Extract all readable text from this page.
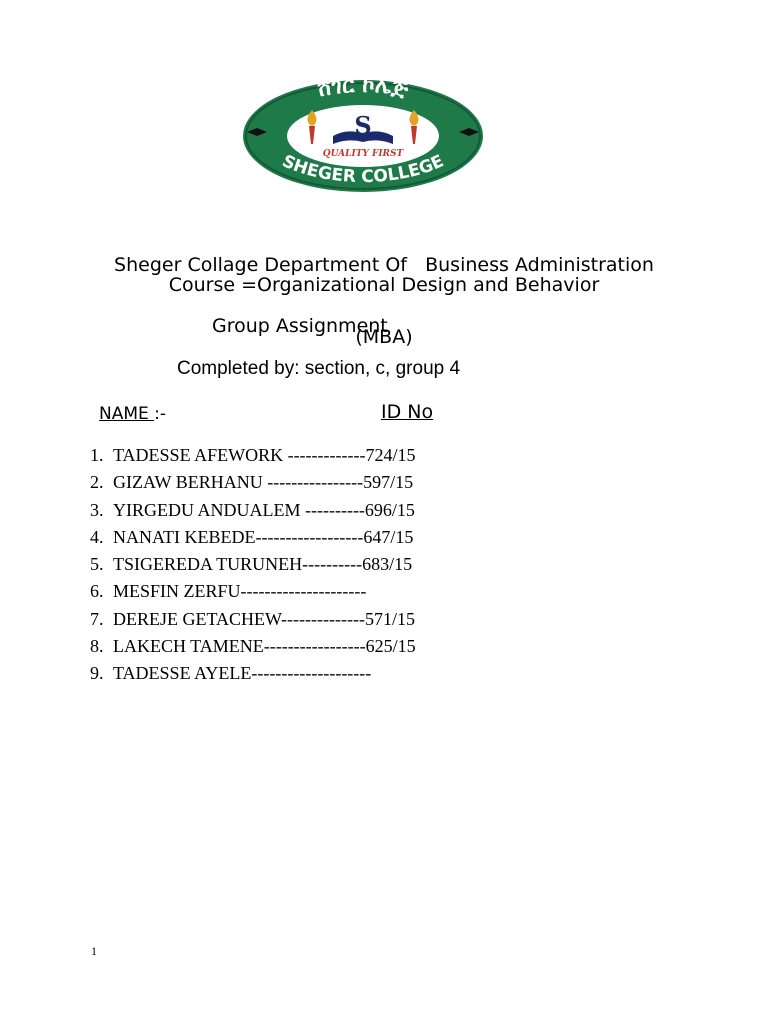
ሸገር ኮሌጅ
SHEGER COLLEGE
S
QUALITY FIRST

Sheger Collage Department Of   Business Administration

(MBA)

Course =Organizational Design and Behavior
Group Assignment
Completed by: section, c, group 4
NAME :-	ID No
1. TADESSE AFEWORK -------------724/15
2. GIZAW BERHANU ----------------597/15
3. YIRGEDU ANDUALEM ----------696/15
4. NANATI KEBEDE------------------647/15
5. TSIGEREDA TURUNEH----------683/15
6. MESFIN ZERFU---------------------
7. DEREJE GETACHEW--------------571/15
8. LAKECH TAMENE-----------------625/15
9. TADESSE AYELE--------------------
1
